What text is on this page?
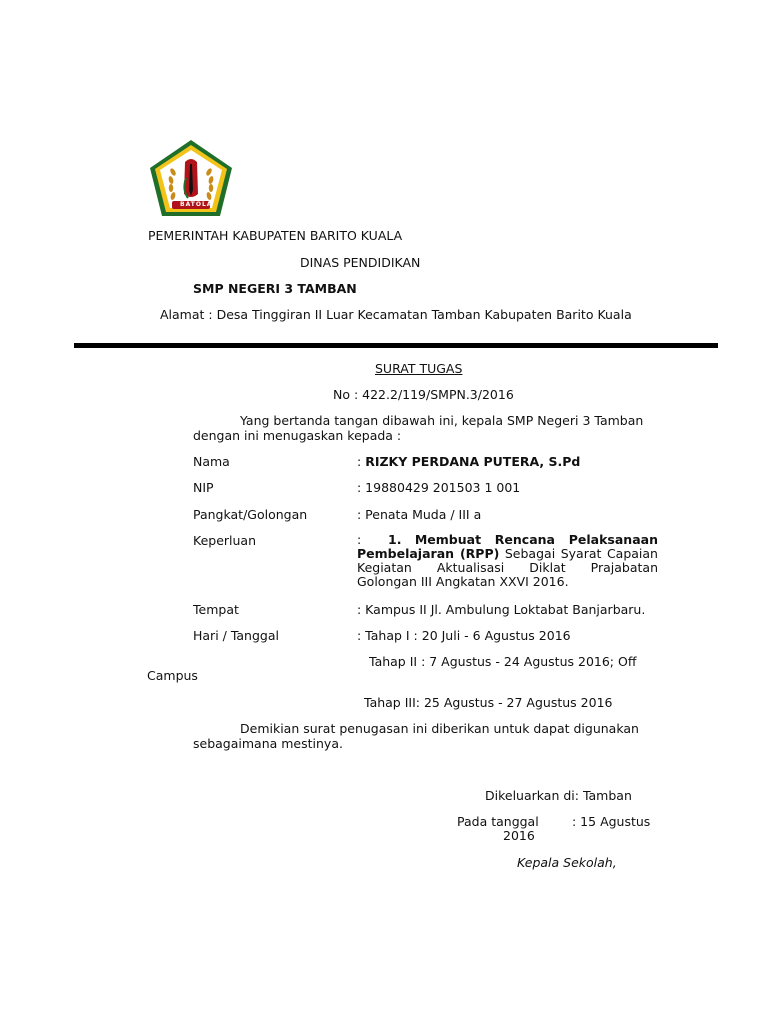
BATOLA
PEMERINTAH KABUPATEN BARITO KUALA
DINAS PENDIDIKAN
SMP NEGERI 3 TAMBAN
Alamat : Desa Tinggiran II Luar Kecamatan Tamban Kabupaten Barito Kuala
SURAT TUGAS
No : 422.2/119/SMPN.3/2016
Yang bertanda tangan dibawah ini, kepala SMP Negeri 3 Tamban
dengan ini menugaskan kepada :
Nama	: RIZKY PERDANA PUTERA, S.Pd
NIP	: 19880429 201503 1 001
Pangkat/Golongan	: Penata Muda / III a
Keperluan	: 1. Membuat Rencana Pelaksanaan Pembelajaran (RPP) Sebagai Syarat Capaian Kegiatan Aktualisasi Diklat Prajabatan Golongan III Angkatan XXVI 2016.
Tempat	: Kampus II Jl. Ambulung Loktabat Banjarbaru.
Hari / Tanggal	: Tahap I : 20 Juli - 6 Agustus 2016
Tahap II : 7 Agustus - 24 Agustus 2016; Off
Campus
Tahap III: 25 Agustus - 27 Agustus 2016
Demikian surat penugasan ini diberikan untuk dapat digunakan
sebagaimana mestinya.
Dikeluarkan di: Tamban
Pada tanggal	: 15 Agustus
2016
Kepala Sekolah,
